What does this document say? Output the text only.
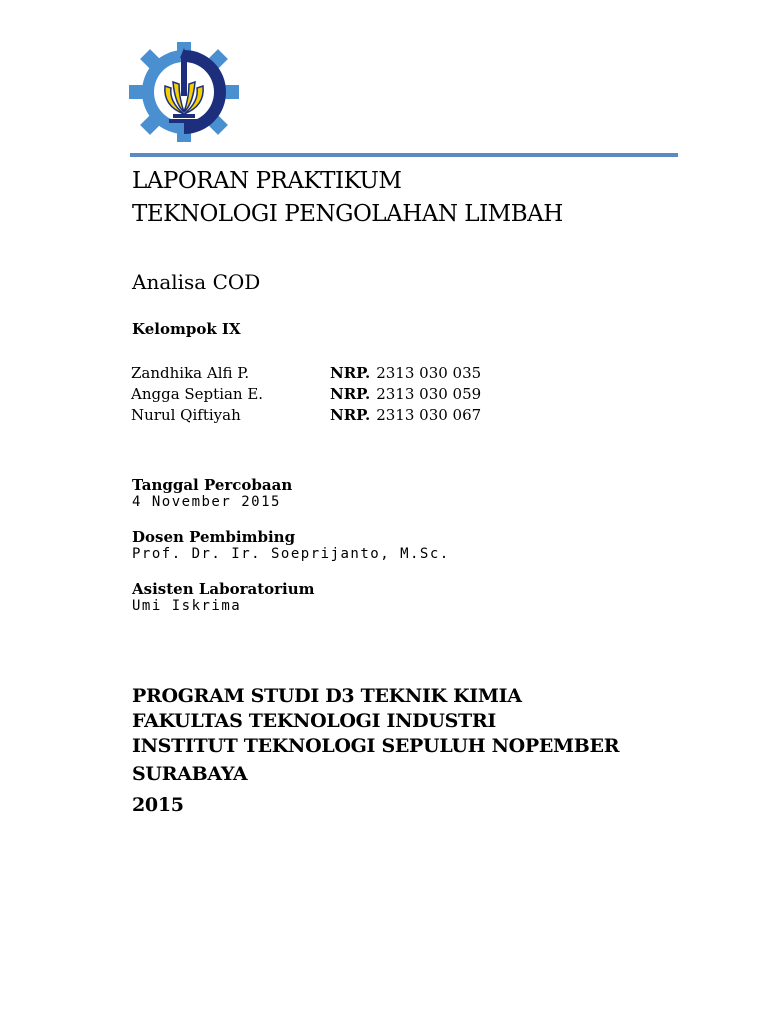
LAPORAN PRAKTIKUM
TEKNOLOGI PENGOLAHAN LIMBAH
Analisa COD
Kelompok IX
Zandhika Alfi P.	NRP. 2313 030 035
Angga Septian E.	NRP. 2313 030 059
Nurul Qiftiyah	NRP. 2313 030 067
Tanggal Percobaan
4 November 2015
Dosen Pembimbing
Prof. Dr. Ir. Soeprijanto, M.Sc.
Asisten Laboratorium
Umi Iskrima
PROGRAM STUDI D3 TEKNIK KIMIA
FAKULTAS TEKNOLOGI INDUSTRI
INSTITUT TEKNOLOGI SEPULUH NOPEMBER
SURABAYA
2015
